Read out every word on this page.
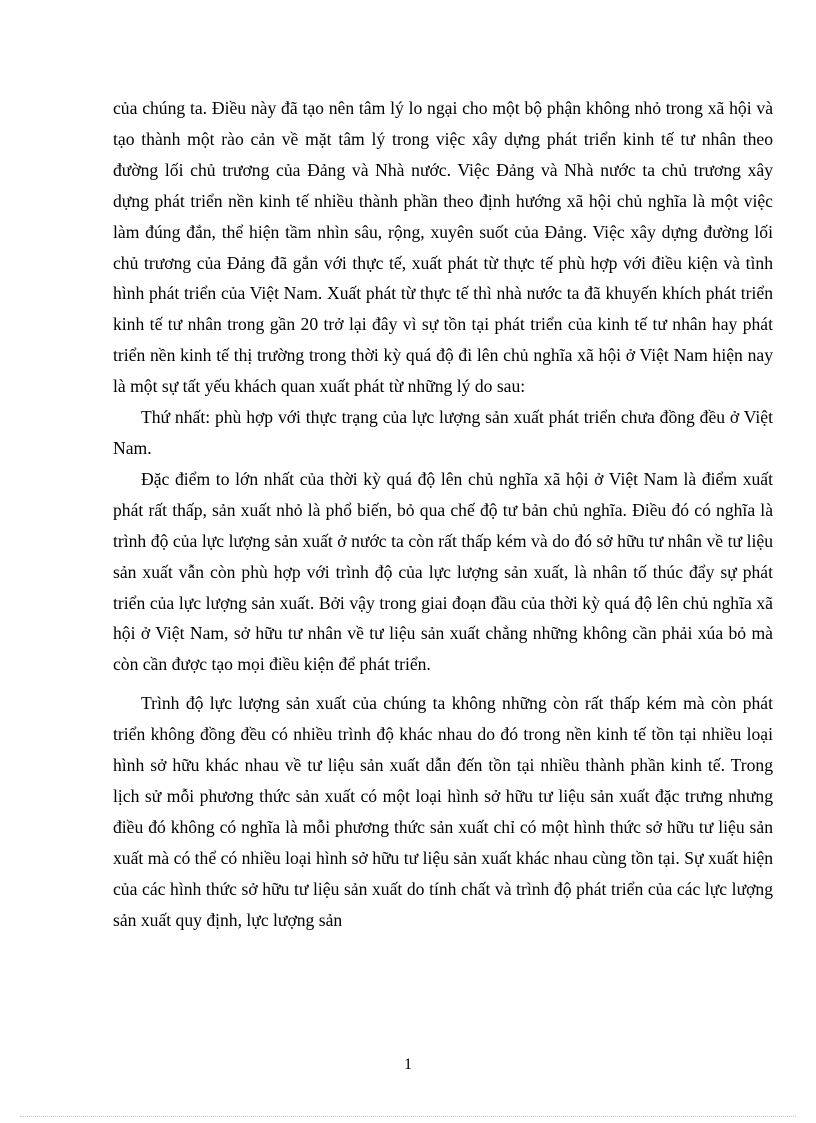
của chúng ta. Điều này đã tạo nên tâm lý lo ngại cho một bộ phận không nhỏ trong xã hội và tạo thành một rào cản về mặt tâm lý trong việc xây dựng phát triển kinh tế tư nhân theo đường lối chủ trương của Đảng và Nhà nước. Việc Đảng và Nhà nước ta chủ trương xây dựng phát triển nền kinh tế nhiều thành phần theo định hướng xã hội chủ nghĩa là một việc làm đúng đắn, thể hiện tầm nhìn sâu, rộng, xuyên suốt của Đảng. Việc xây dựng đường lối chủ trương của Đảng đã gắn với thực tế, xuất phát từ thực tế phù hợp với điều kiện và tình hình phát triển của Việt Nam. Xuất phát từ thực tế thì nhà nước ta đã khuyến khích phát triển kinh tế tư nhân trong gần 20 trở lại đây vì sự tồn tại phát triển của kinh tế tư nhân hay phát triển nền kinh tế thị trường trong thời kỳ quá độ đi lên chủ nghĩa xã hội ở Việt Nam hiện nay là một sự tất yếu khách quan xuất phát từ những lý do sau:

Thứ nhất: phù hợp với thực trạng của lực lượng sản xuất phát triển chưa đồng đều ở Việt Nam.

Đặc điểm to lớn nhất của thời kỳ quá độ lên chủ nghĩa xã hội ở Việt Nam là điểm xuất phát rất thấp, sản xuất nhỏ là phổ biến, bỏ qua chế độ tư bản chủ nghĩa. Điều đó có nghĩa là trình độ của lực lượng sản xuất ở nước ta còn rất thấp kém và do đó sở hữu tư nhân về tư liệu sản xuất vẫn còn phù hợp với trình độ của lực lượng sản xuất, là nhân tố thúc đẩy sự phát triển của lực lượng sản xuất. Bởi vậy trong giai đoạn đầu của thời kỳ quá độ lên chủ nghĩa xã hội ở Việt Nam, sở hữu tư nhân về tư liệu sản xuất chẳng những không cần phải xúa bỏ mà còn cần được tạo mọi điều kiện để phát triển.

Trình độ lực lượng sản xuất của chúng ta không những còn rất thấp kém mà còn phát triển không đồng đều có nhiều trình độ khác nhau do đó trong nền kinh tế tồn tại nhiều loại hình sở hữu khác nhau về tư liệu sản xuất dẫn đến tồn tại nhiều thành phần kinh tế. Trong lịch sử mỗi phương thức sản xuất có một loại hình sở hữu tư liệu sản xuất đặc trưng nhưng điều đó không có nghĩa là mỗi phương thức sản xuất chỉ có một hình thức sở hữu tư liệu sản xuất mà có thể có nhiều loại hình sở hữu tư liệu sản xuất khác nhau cùng tồn tại. Sự xuất hiện của các hình thức sở hữu tư liệu sản xuất do tính chất và trình độ phát triển của các lực lượng sản xuất quy định, lực lượng sản

1
